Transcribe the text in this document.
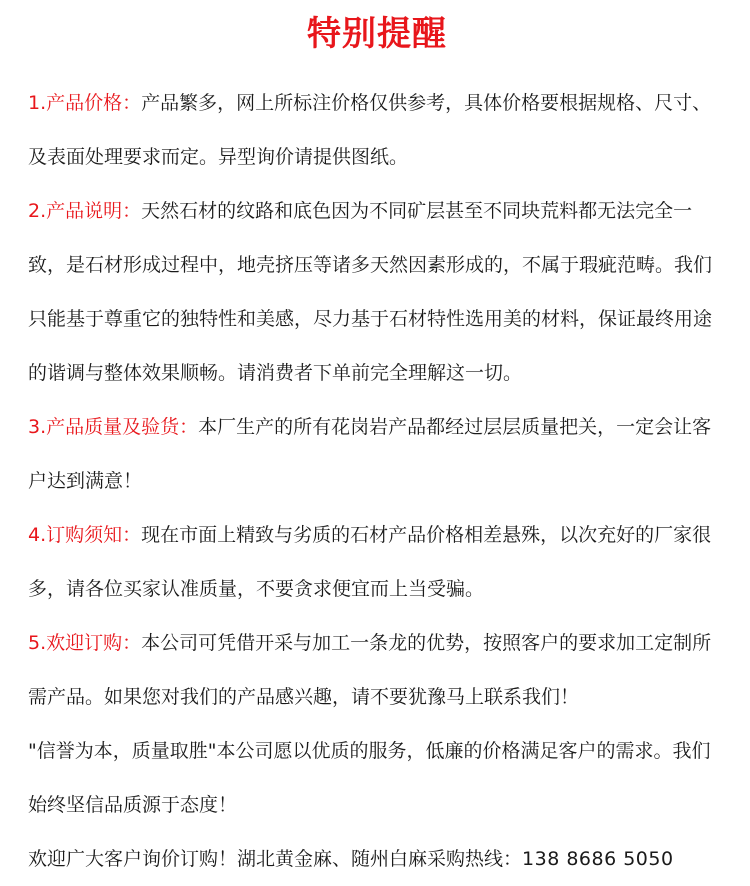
特别提醒

1.产品价格：产品繁多，网上所标注价格仅供参考，具体价格要根据规格、尺寸、及表面处理要求而定。异型询价请提供图纸。

2.产品说明：天然石材的纹路和底色因为不同矿层甚至不同块荒料都无法完全一致，是石材形成过程中，地壳挤压等诸多天然因素形成的，不属于瑕疵范畴。我们只能基于尊重它的独特性和美感，尽力基于石材特性选用美的材料，保证最终用途的谐调与整体效果顺畅。请消费者下单前完全理解这一切。

3.产品质量及验货：本厂生产的所有花岗岩产品都经过层层质量把关，一定会让客户达到满意！

4.订购须知：现在市面上精致与劣质的石材产品价格相差悬殊，以次充好的厂家很多，请各位买家认准质量，不要贪求便宜而上当受骗。

5.欢迎订购：本公司可凭借开采与加工一条龙的优势，按照客户的要求加工定制所需产品。如果您对我们的产品感兴趣，请不要犹豫马上联系我们！

"信誉为本，质量取胜"本公司愿以优质的服务，低廉的价格满足客户的需求。我们始终坚信品质源于态度！

欢迎广大客户询价订购！湖北黄金麻、随州白麻采购热线：138 8686 5050
